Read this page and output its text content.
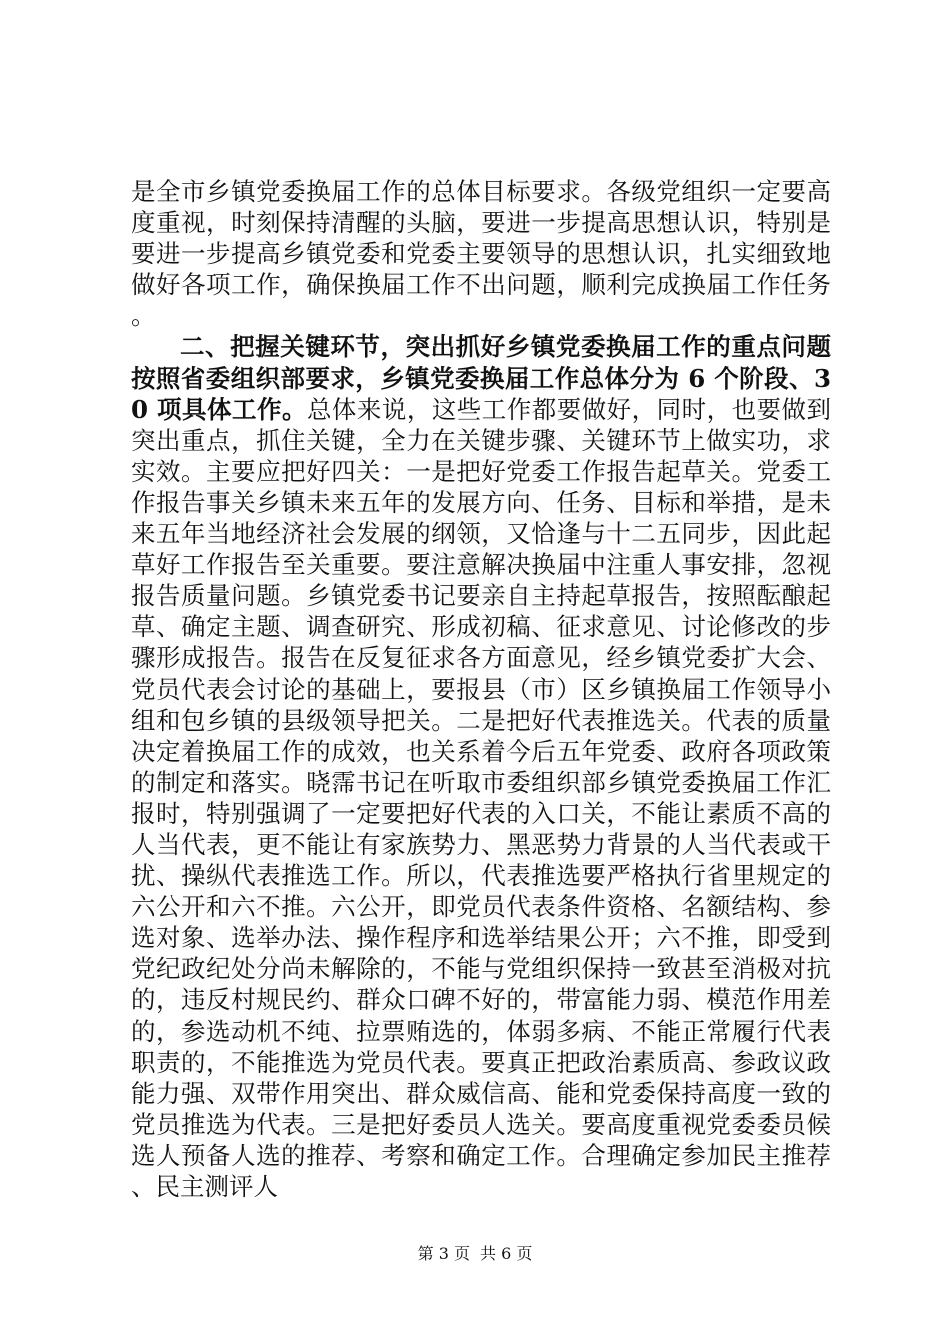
是全市乡镇党委换届工作的总体目标要求。各级党组织一定要高度重视，时刻保持清醒的头脑，要进一步提高思想认识，特别是要进一步提高乡镇党委和党委主要领导的思想认识，扎实细致地做好各项工作，确保换届工作不出问题，顺利完成换届工作任务。

二、把握关键环节，突出抓好乡镇党委换届工作的重点问题按照省委组织部要求，乡镇党委换届工作总体分为 6 个阶段、30 项具体工作。总体来说，这些工作都要做好，同时，也要做到突出重点，抓住关键，全力在关键步骤、关键环节上做实功，求实效。主要应把好四关：一是把好党委工作报告起草关。党委工作报告事关乡镇未来五年的发展方向、任务、目标和举措，是未来五年当地经济社会发展的纲领，又恰逢与十二五同步，因此起草好工作报告至关重要。要注意解决换届中注重人事安排，忽视报告质量问题。乡镇党委书记要亲自主持起草报告，按照酝酿起草、确定主题、调查研究、形成初稿、征求意见、讨论修改的步骤形成报告。报告在反复征求各方面意见，经乡镇党委扩大会、党员代表会讨论的基础上，要报县（市）区乡镇换届工作领导小组和包乡镇的县级领导把关。二是把好代表推选关。代表的质量决定着换届工作的成效，也关系着今后五年党委、政府各项政策的制定和落实。晓霈书记在听取市委组织部乡镇党委换届工作汇报时，特别强调了一定要把好代表的入口关，不能让素质不高的人当代表，更不能让有家族势力、黑恶势力背景的人当代表或干扰、操纵代表推选工作。所以，代表推选要严格执行省里规定的六公开和六不推。六公开，即党员代表条件资格、名额结构、参选对象、选举办法、操作程序和选举结果公开；六不推，即受到党纪政纪处分尚未解除的，不能与党组织保持一致甚至消极对抗的，违反村规民约、群众口碑不好的，带富能力弱、模范作用差的，参选动机不纯、拉票贿选的，体弱多病、不能正常履行代表职责的，不能推选为党员代表。要真正把政治素质高、参政议政能力强、双带作用突出、群众威信高、能和党委保持高度一致的党员推选为代表。三是把好委员人选关。要高度重视党委委员候选人预备人选的推荐、考察和确定工作。合理确定参加民主推荐、民主测评人

第 3 页 共 6 页
